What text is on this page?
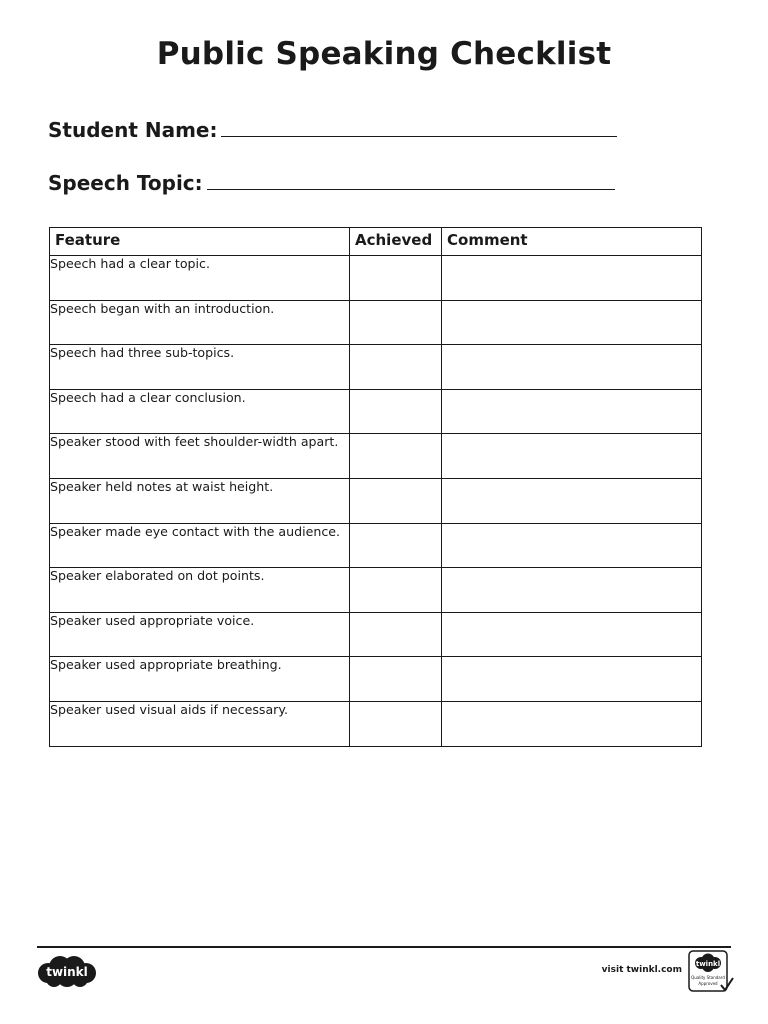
Public Speaking Checklist
Student Name:
Speech Topic:
Feature	Achieved	Comment
Speech had a clear topic.		
Speech began with an introduction.		
Speech had three sub-topics.		
Speech had a clear conclusion.		
Speaker stood with feet shoulder-width apart.		
Speaker held notes at waist height.		
Speaker made eye contact with the audience.		
Speaker elaborated on dot points.		
Speaker used appropriate voice.		
Speaker used appropriate breathing.		
Speaker used visual aids if necessary.		
twinkl	visit twinkl.com
twinkl
Quality Standard
Approved
